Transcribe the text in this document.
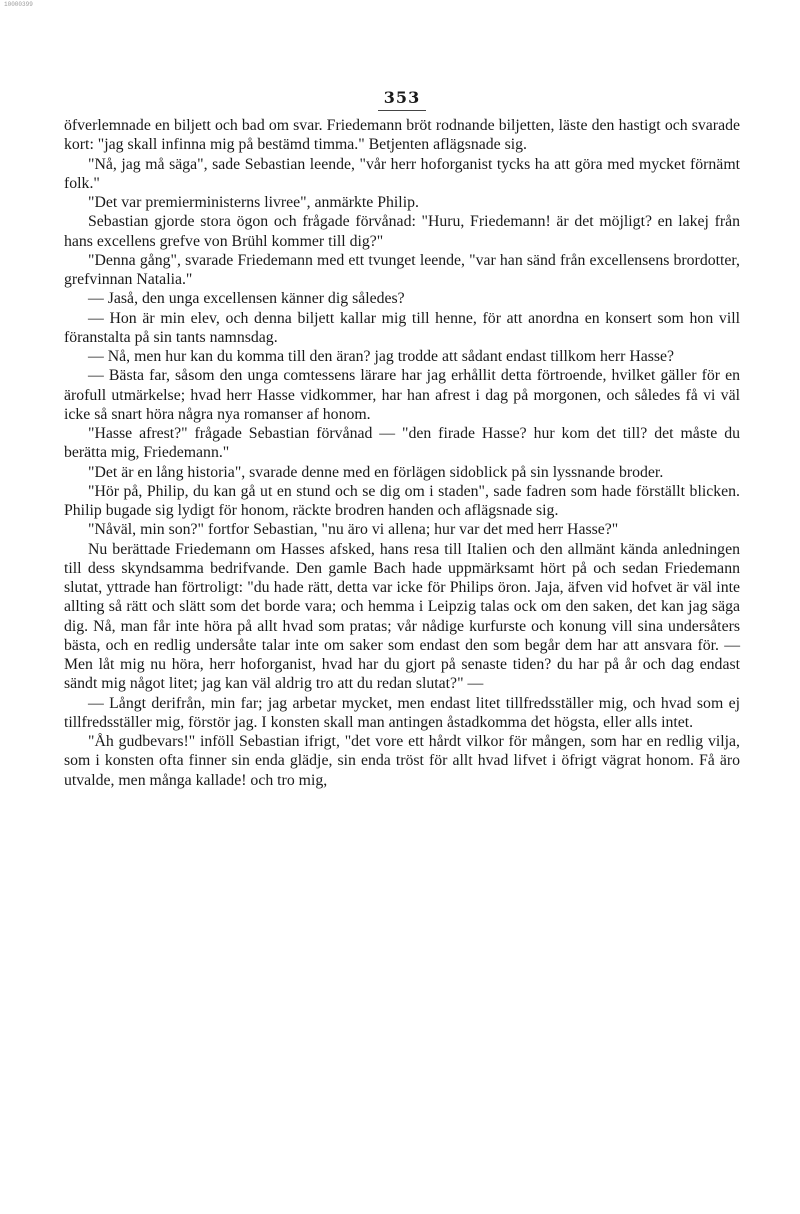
10000399
353

öfverlemnade en biljett och bad om svar. Friedemann bröt rodnande biljetten, läste den hastigt och svarade kort: "jag skall infinna mig på bestämd timma." Betjenten aflägsnade sig.

"Nå, jag må säga", sade Sebastian leende, "vår herr hoforganist tycks ha att göra med mycket förnämt folk."

"Det var premierministerns livree", anmärkte Philip.

Sebastian gjorde stora ögon och frågade förvånad: "Huru, Friedemann! är det möjligt? en lakej från hans excellens grefve von Brühl kommer till dig?"

"Denna gång", svarade Friedemann med ett tvunget leende, "var han sänd från excellensens brordotter, grefvinnan Natalia."

— Jaså, den unga excellensen känner dig således?

— Hon är min elev, och denna biljett kallar mig till henne, för att anordna en konsert som hon vill föranstalta på sin tants namnsdag.

— Nå, men hur kan du komma till den äran? jag trodde att sådant endast tillkom herr Hasse?

— Bästa far, såsom den unga comtessens lärare har jag erhållit detta förtroende, hvilket gäller för en ärofull utmärkelse; hvad herr Hasse vidkommer, har han afrest i dag på morgonen, och således få vi väl icke så snart höra några nya romanser af honom.

"Hasse afrest?" frågade Sebastian förvånad — "den firade Hasse? hur kom det till? det måste du berätta mig, Friedemann."

"Det är en lång historia", svarade denne med en förlägen sidoblick på sin lyssnande broder.

"Hör på, Philip, du kan gå ut en stund och se dig om i staden", sade fadren som hade förställt blicken. Philip bugade sig lydigt för honom, räckte brodren handen och aflägsnade sig.

"Nåväl, min son?" fortfor Sebastian, "nu äro vi allena; hur var det med herr Hasse?"

Nu berättade Friedemann om Hasses afsked, hans resa till Italien och den allmänt kända anledningen till dess skyndsamma bedrifvande. Den gamle Bach hade uppmärksamt hört på och sedan Friedemann slutat, yttrade han förtroligt: "du hade rätt, detta var icke för Philips öron. Jaja, äfven vid hofvet är väl inte allting så rätt och slätt som det borde vara; och hemma i Leipzig talas ock om den saken, det kan jag säga dig. Nå, man får inte höra på allt hvad som pratas; vår nådige kurfurste och konung vill sina undersåters bästa, och en redlig undersåte talar inte om saker som endast den som begår dem har att ansvara för. — Men låt mig nu höra, herr hoforganist, hvad har du gjort på senaste tiden? du har på år och dag endast sändt mig något litet; jag kan väl aldrig tro att du redan slutat?" —

— Långt derifrån, min far; jag arbetar mycket, men endast litet tillfredsställer mig, och hvad som ej tillfredsställer mig, förstör jag. I konsten skall man antingen åstadkomma det högsta, eller alls intet.

"Åh gudbevars!" inföll Sebastian ifrigt, "det vore ett hårdt vilkor för mången, som har en redlig vilja, som i konsten ofta finner sin enda glädje, sin enda tröst för allt hvad lifvet i öfrigt vägrat honom. Få äro utvalde, men många kallade! och tro mig,
